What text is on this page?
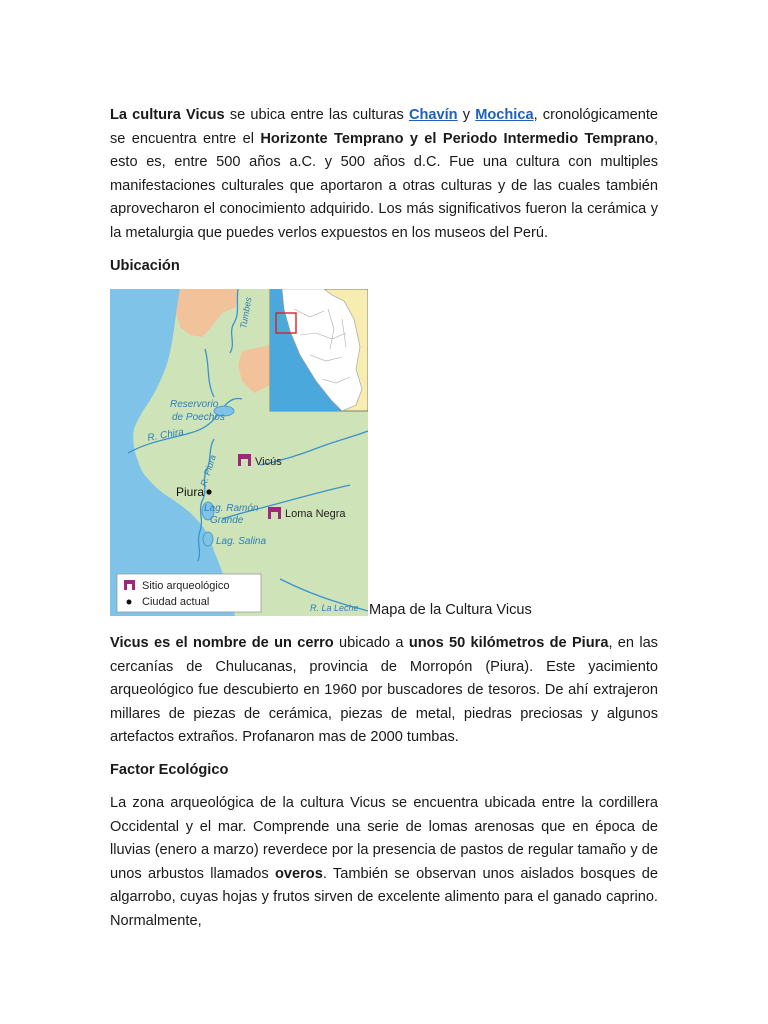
La cultura Vicus se ubica entre las culturas Chavín y Mochica, cronológicamente se encuentra entre el Horizonte Temprano y el Periodo Intermedio Temprano, esto es, entre 500 años a.C. y 500 años d.C. Fue una cultura con multiples manifestaciones culturales que aportaron a otras culturas y de las cuales también aprovecharon el conocimiento adquirido. Los más significativos fueron la cerámica y la metalurgia que puedes verlos expuestos en los museos del Perú.

Ubicación
Tumbes
Reservorio
de Poechos
R. Chira
R. Piura	Vicús
Piura
Lag. Ramón
Grande
Loma Negra
Lag. Salina
R. La Leche
Sitio arqueológico
Ciudad actual	Mapa de la Cultura Vicus

Vicus es el nombre de un cerro ubicado a unos 50 kilómetros de Piura, en las cercanías de Chulucanas, provincia de Morropón (Piura). Este yacimiento arqueológico fue descubierto en 1960 por buscadores de tesoros. De ahí extrajeron millares de piezas de cerámica, piezas de metal, piedras preciosas y algunos artefactos extraños. Profanaron mas de 2000 tumbas.

Factor Ecológico

La zona arqueológica de la cultura Vicus se encuentra ubicada entre la cordillera Occidental y el mar. Comprende una serie de lomas arenosas que en época de lluvias (enero a marzo) reverdece por la presencia de pastos de regular tamaño y de unos arbustos llamados overos. También se observan unos aislados bosques de algarrobo, cuyas hojas y frutos sirven de excelente alimento para el ganado caprino. Normalmente,
